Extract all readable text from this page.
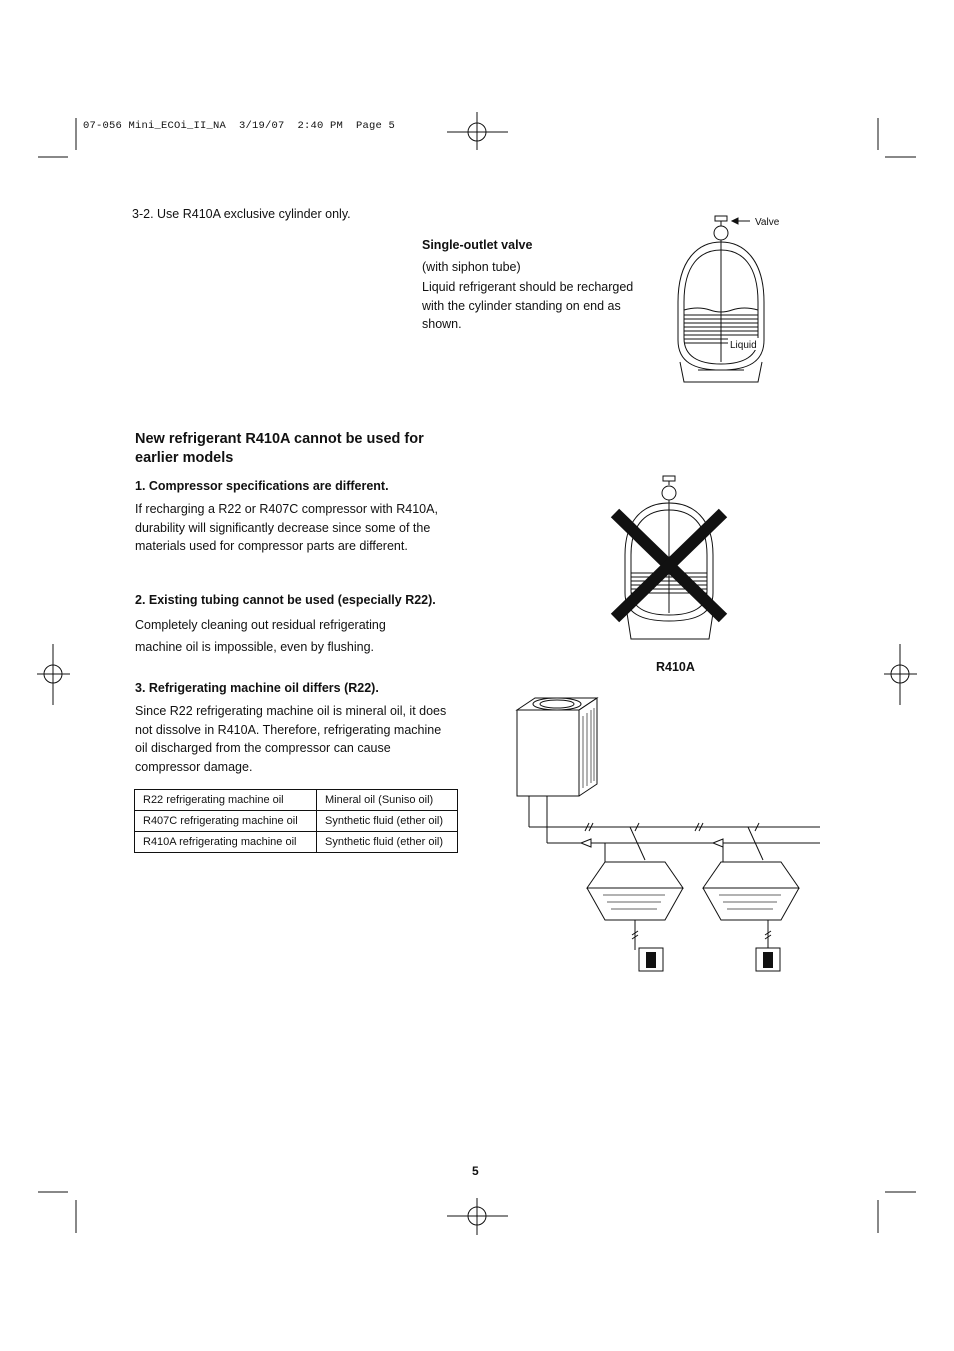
07-056 Mini_ECOi_II_NA  3/19/07  2:40 PM  Page 5
3-2. Use R410A exclusive cylinder only.
Single-outlet valve
(with siphon tube)
Liquid refrigerant should be recharged with the cylinder standing on end as shown.
Valve
Liquid
New refrigerant R410A cannot be used for earlier models
1. Compressor specifications are different.
If recharging a R22 or R407C compressor with R410A, durability will significantly decrease since some of the materials used for compressor parts are different.
2. Existing tubing cannot be used (especially R22).
Completely cleaning out residual refrigerating machine oil is impossible, even by flushing.
3. Refrigerating machine oil differs (R22).
Since R22 refrigerating machine oil is mineral oil, it does not dissolve in R410A. Therefore, refrigerating machine oil discharged from the compressor can cause compressor damage.
R22 refrigerating machine oil	Mineral oil (Suniso oil)
R407C refrigerating machine oil	Synthetic fluid (ether oil)
R410A refrigerating machine oil	Synthetic fluid (ether oil)
R410A
5
